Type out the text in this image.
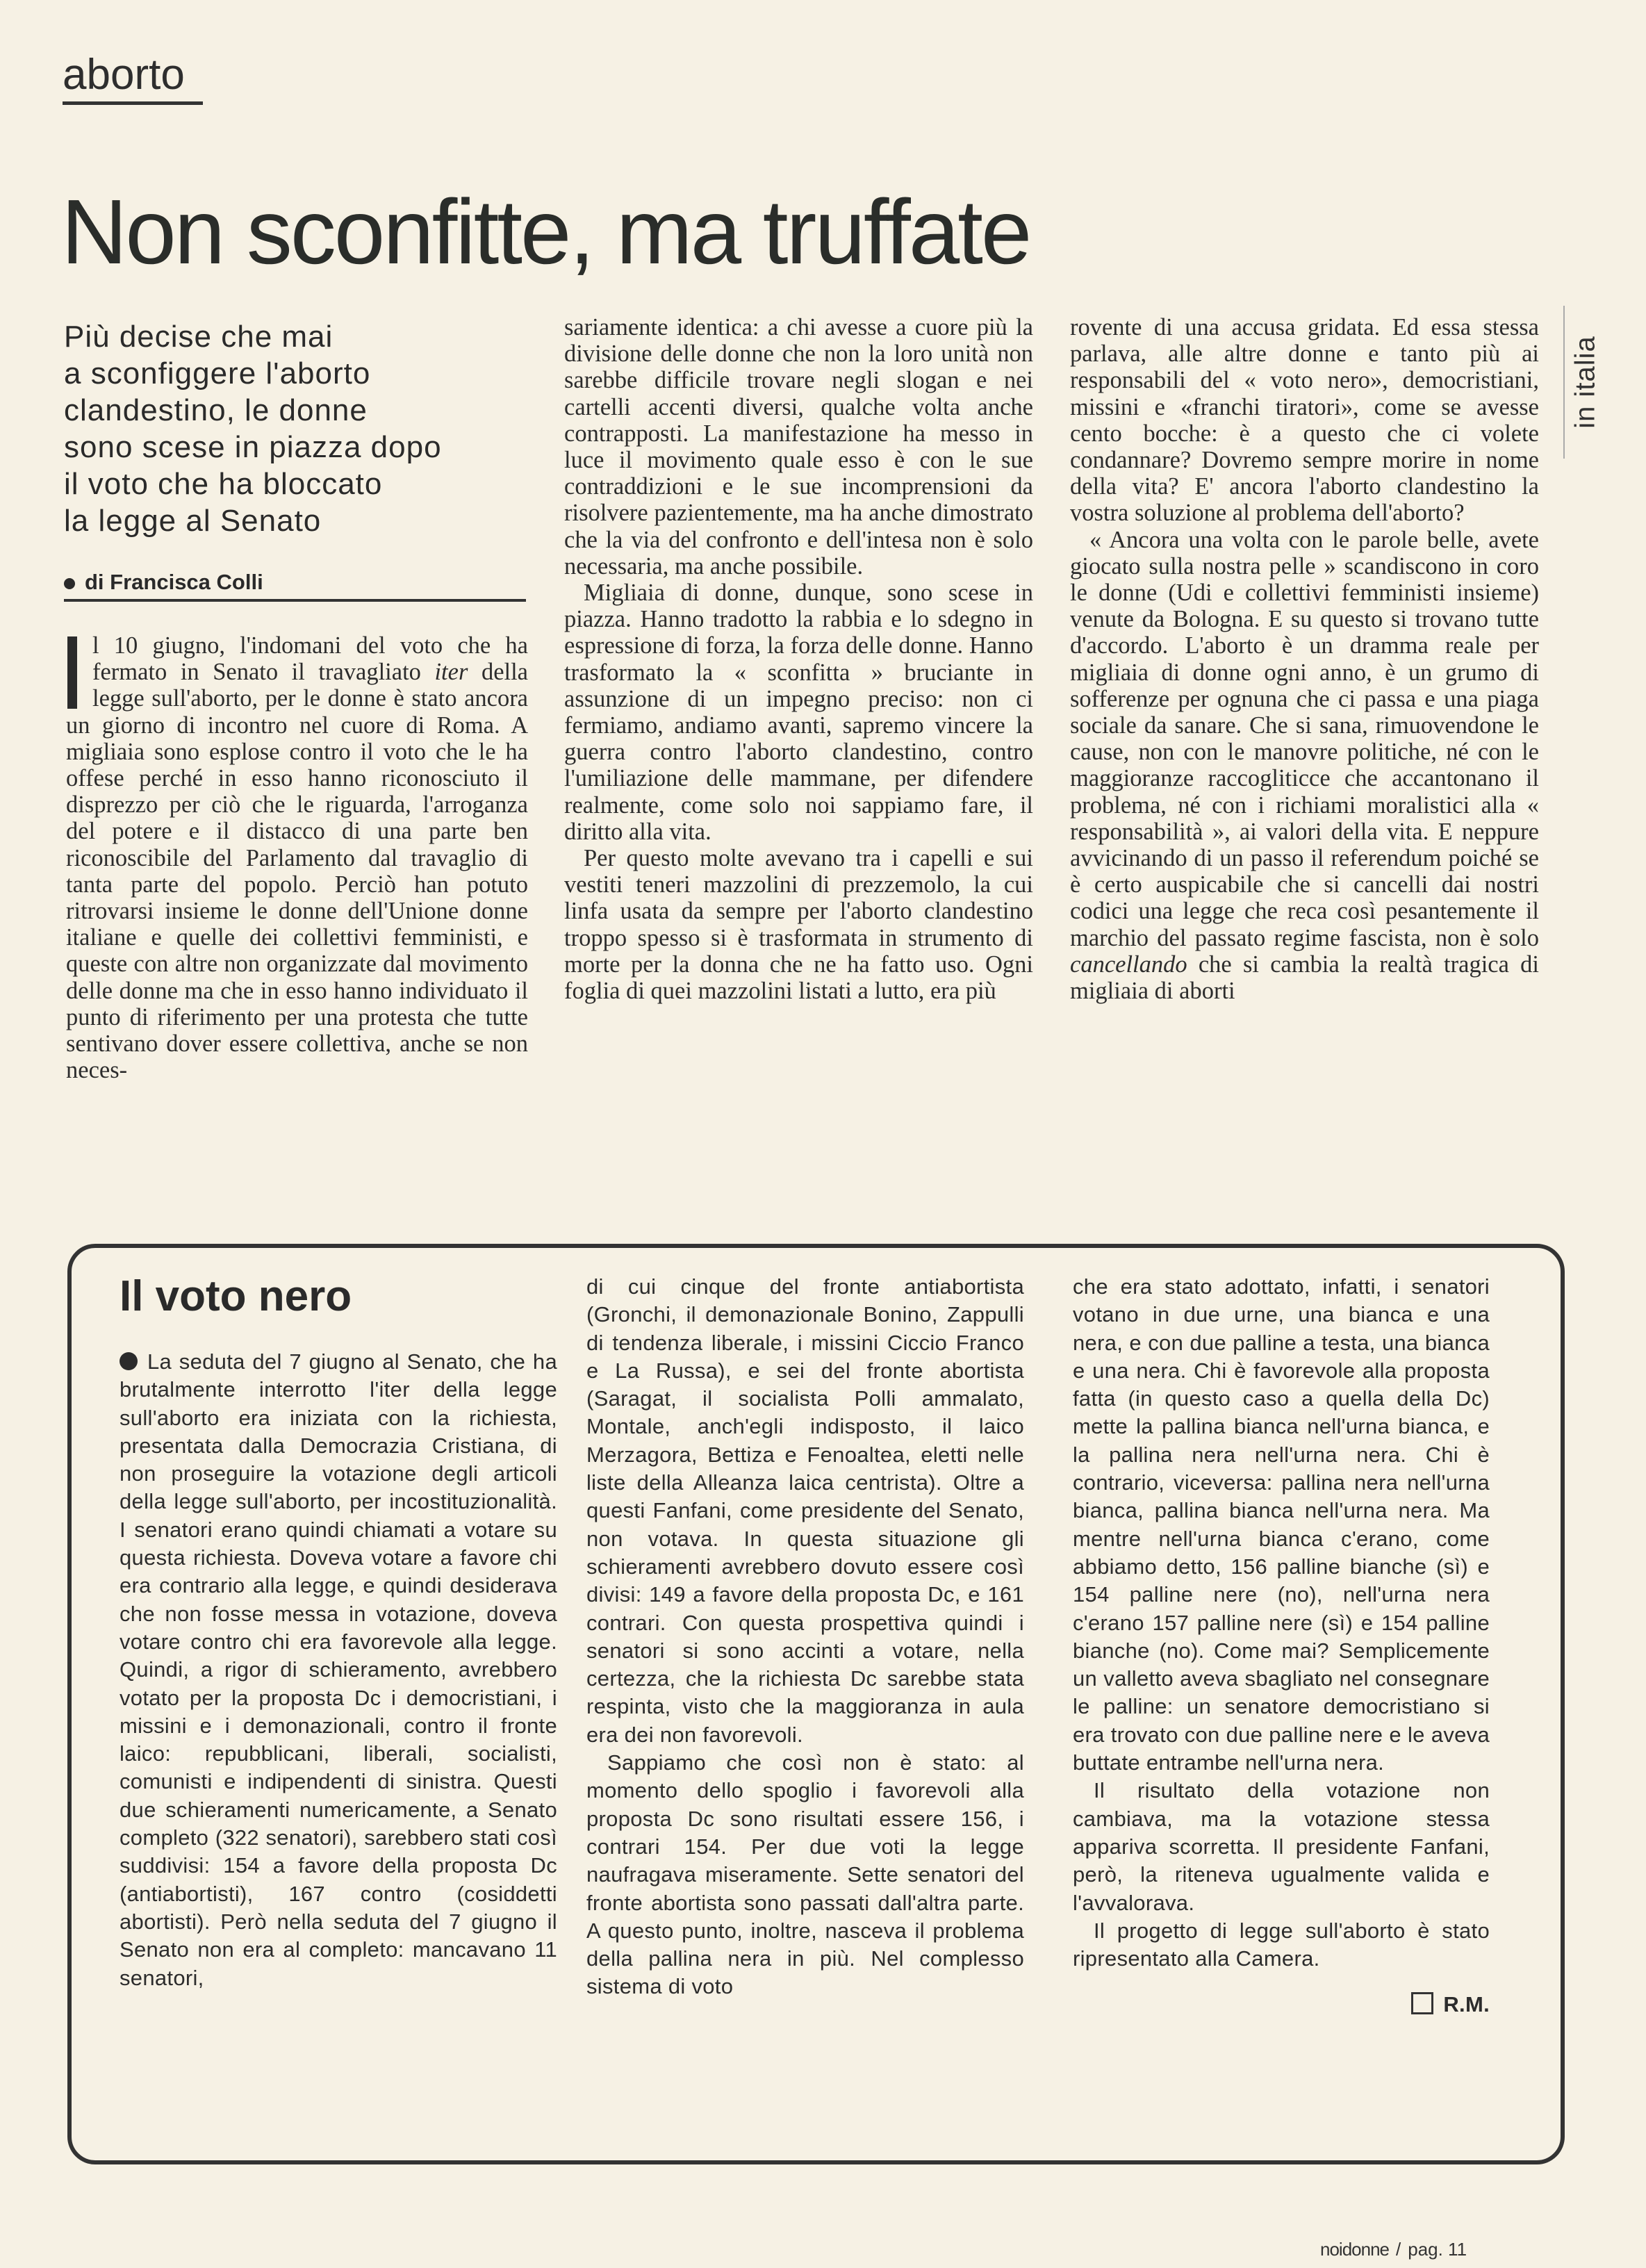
aborto
Non sconfitte, ma truffate
in italia
Più decise che mai
a sconfiggere l'aborto
clandestino, le donne
sono scese in piazza dopo
il voto che ha bloccato
la legge al Senato
di Francisca Colli

l 10 giugno, l'indomani del voto che ha fermato in Senato il travagliato iter della legge sull'aborto, per le donne è stato ancora un giorno di incontro nel cuore di Roma. A migliaia sono esplose contro il voto che le ha offese perché in esso hanno riconosciuto il disprezzo per ciò che le riguarda, l'arroganza del potere e il distacco di una parte ben riconoscibile del Parlamento dal travaglio di tanta parte del popolo. Perciò han potuto ritrovarsi insieme le donne dell'Unione donne italiane e quelle dei collettivi femministi, e queste con altre non organizzate dal movimento delle donne ma che in esso hanno individuato il punto di riferimento per una protesta che tutte sentivano dover essere collettiva, anche se non neces-

sariamente identica: a chi avesse a cuore più la divisione delle donne che non la loro unità non sarebbe difficile trovare negli slogan e nei cartelli accenti diversi, qualche volta anche contrapposti. La manifestazione ha messo in luce il movimento quale esso è con le sue contraddizioni e le sue incomprensioni da risolvere pazientemente, ma ha anche dimostrato che la via del confronto e dell'intesa non è solo necessaria, ma anche possibile.

Migliaia di donne, dunque, sono scese in piazza. Hanno tradotto la rabbia e lo sdegno in espressione di forza, la forza delle donne. Hanno trasformato la « sconfitta » bruciante in assunzione di un impegno preciso: non ci fermiamo, andiamo avanti, sapremo vincere la guerra contro l'aborto clandestino, contro l'umiliazione delle mammane, per difendere realmente, come solo noi sappiamo fare, il diritto alla vita.

Per questo molte avevano tra i capelli e sui vestiti teneri mazzolini di prezzemolo, la cui linfa usata da sempre per l'aborto clandestino troppo spesso si è trasformata in strumento di morte per la donna che ne ha fatto uso. Ogni foglia di quei mazzolini listati a lutto, era più

rovente di una accusa gridata. Ed essa stessa parlava, alle altre donne e tanto più ai responsabili del « voto nero», democristiani, missini e «franchi tiratori», come se avesse cento bocche: è a questo che ci volete condannare? Dovremo sempre morire in nome della vita? E' ancora l'aborto clandestino la vostra soluzione al problema dell'aborto?

« Ancora una volta con le parole belle, avete giocato sulla nostra pelle » scandiscono in coro le donne (Udi e collettivi femministi insieme) venute da Bologna. E su questo si trovano tutte d'accordo. L'aborto è un dramma reale per migliaia di donne ogni anno, è un grumo di sofferenze per ognuna che ci passa e una piaga sociale da sanare. Che si sana, rimuovendone le cause, non con le manovre politiche, né con le maggioranze raccogliticce che accantonano il problema, né con i richiami moralistici alla « responsabilità », ai valori della vita. E neppure avvicinando di un passo il referendum poiché se è certo auspicabile che si cancelli dai nostri codici una legge che reca così pesantemente il marchio del passato regime fascista, non è solo cancellando che si cambia la realtà tragica di migliaia di aborti

Il voto nero

La seduta del 7 giugno al Senato, che ha brutalmente interrotto l'iter della legge sull'aborto era iniziata con la richiesta, presentata dalla Democrazia Cristiana, di non proseguire la votazione degli articoli della legge sull'aborto, per incostituzionalità. I senatori erano quindi chiamati a votare su questa richiesta. Doveva votare a favore chi era contrario alla legge, e quindi desiderava che non fosse messa in votazione, doveva votare contro chi era favorevole alla legge. Quindi, a rigor di schieramento, avrebbero votato per la proposta Dc i democristiani, i missini e i demonazionali, contro il fronte laico: repubblicani, liberali, socialisti, comunisti e indipendenti di sinistra. Questi due schieramenti numericamente, a Senato completo (322 senatori), sarebbero stati così suddivisi: 154 a favore della proposta Dc (antiabortisti), 167 contro (cosiddetti abortisti). Però nella seduta del 7 giugno il Senato non era al completo: mancavano 11 senatori,

di cui cinque del fronte antiabortista (Gronchi, il demonazionale Bonino, Zappulli di tendenza liberale, i missini Ciccio Franco e La Russa), e sei del fronte abortista (Saragat, il socialista Polli ammalato, Montale, anch'egli indisposto, il laico Merzagora, Bettiza e Fenoaltea, eletti nelle liste della Alleanza laica centrista). Oltre a questi Fanfani, come presidente del Senato, non votava. In questa situazione gli schieramenti avrebbero dovuto essere così divisi: 149 a favore della proposta Dc, e 161 contrari. Con questa prospettiva quindi i senatori si sono accinti a votare, nella certezza, che la richiesta Dc sarebbe stata respinta, visto che la maggioranza in aula era dei non favorevoli.

Sappiamo che così non è stato: al momento dello spoglio i favorevoli alla proposta Dc sono risultati essere 156, i contrari 154. Per due voti la legge naufragava miseramente. Sette senatori del fronte abortista sono passati dall'altra parte. A questo punto, inoltre, nasceva il problema della pallina nera in più. Nel complesso sistema di voto

che era stato adottato, infatti, i senatori votano in due urne, una bianca e una nera, e con due palline a testa, una bianca e una nera. Chi è favorevole alla proposta fatta (in questo caso a quella della Dc) mette la pallina bianca nell'urna bianca, e la pallina nera nell'urna nera. Chi è contrario, viceversa: pallina nera nell'urna bianca, pallina bianca nell'urna nera. Ma mentre nell'urna bianca c'erano, come abbiamo detto, 156 palline bianche (sì) e 154 palline nere (no), nell'urna nera c'erano 157 palline nere (sì) e 154 palline bianche (no). Come mai? Semplicemente un valletto aveva sbagliato nel consegnare le palline: un senatore democristiano si era trovato con due palline nere e le aveva buttate entrambe nell'urna nera.

Il risultato della votazione non cambiava, ma la votazione stessa appariva scorretta. Il presidente Fanfani, però, la riteneva ugualmente valida e l'avvalorava.

Il progetto di legge sull'aborto è stato ripresentato alla Camera.

R.M.
noidonne / pag. 11
